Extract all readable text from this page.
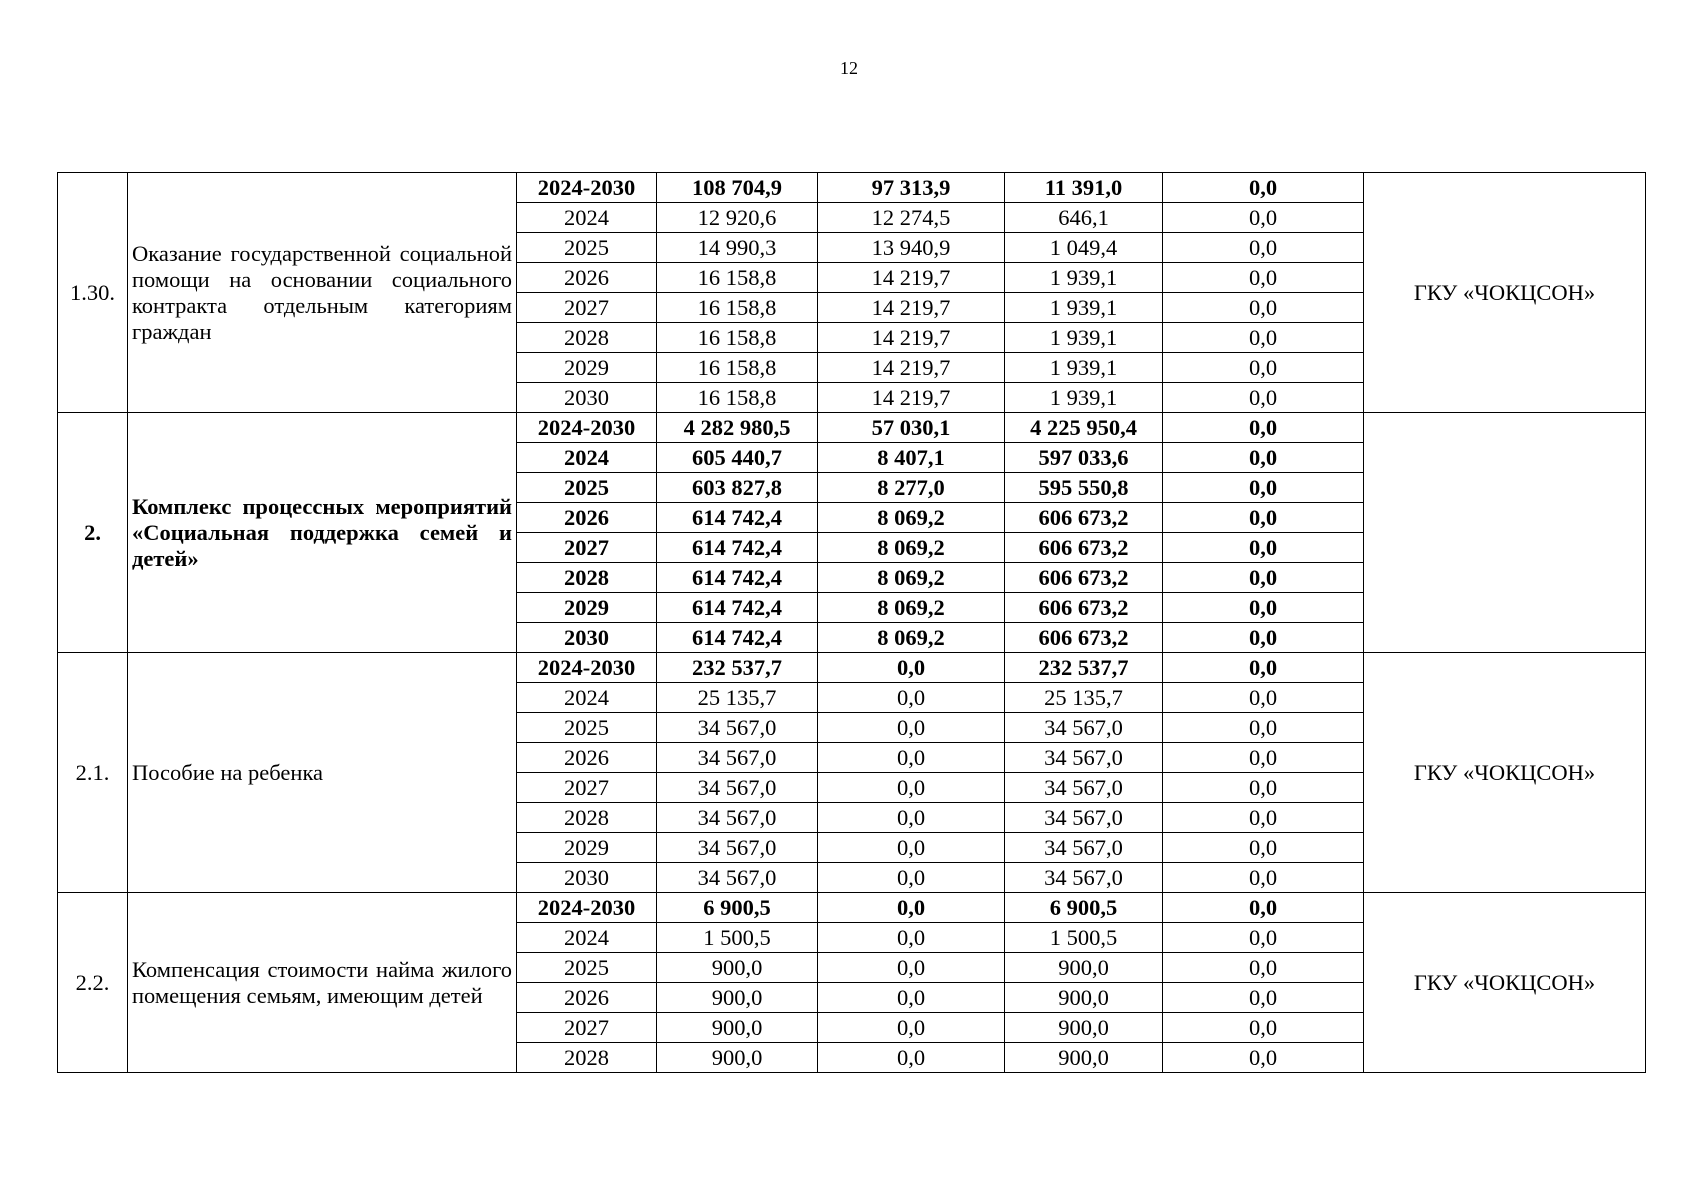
12
1.30.	Оказание государственной социальной помощи на основании социального контракта отдельным категориям граждан	2024-2030	108 704,9	97 313,9	11 391,0	0,0	ГКУ «ЧОКЦСОН»
		2024	12 920,6	12 274,5	646,1	0,0	
		2025	14 990,3	13 940,9	1 049,4	0,0	
		2026	16 158,8	14 219,7	1 939,1	0,0	
		2027	16 158,8	14 219,7	1 939,1	0,0	
		2028	16 158,8	14 219,7	1 939,1	0,0	
		2029	16 158,8	14 219,7	1 939,1	0,0	
		2030	16 158,8	14 219,7	1 939,1	0,0	
2.	Комплекс процессных мероприятий «Социальная поддержка семей и детей»	2024-2030	4 282 980,5	57 030,1	4 225 950,4	0,0	
		2024	605 440,7	8 407,1	597 033,6	0,0	
		2025	603 827,8	8 277,0	595 550,8	0,0	
		2026	614 742,4	8 069,2	606 673,2	0,0	
		2027	614 742,4	8 069,2	606 673,2	0,0	
		2028	614 742,4	8 069,2	606 673,2	0,0	
		2029	614 742,4	8 069,2	606 673,2	0,0	
		2030	614 742,4	8 069,2	606 673,2	0,0	
2.1.	Пособие на ребенка	2024-2030	232 537,7	0,0	232 537,7	0,0	ГКУ «ЧОКЦСОН»
		2024	25 135,7	0,0	25 135,7	0,0	
		2025	34 567,0	0,0	34 567,0	0,0	
		2026	34 567,0	0,0	34 567,0	0,0	
		2027	34 567,0	0,0	34 567,0	0,0	
		2028	34 567,0	0,0	34 567,0	0,0	
		2029	34 567,0	0,0	34 567,0	0,0	
		2030	34 567,0	0,0	34 567,0	0,0	
2.2.	Компенсация стоимости найма жилого помещения семьям, имеющим детей	2024-2030	6 900,5	0,0	6 900,5	0,0	ГКУ «ЧОКЦСОН»
		2024	1 500,5	0,0	1 500,5	0,0	
		2025	900,0	0,0	900,0	0,0	
		2026	900,0	0,0	900,0	0,0	
		2027	900,0	0,0	900,0	0,0	
		2028	900,0	0,0	900,0	0,0	
